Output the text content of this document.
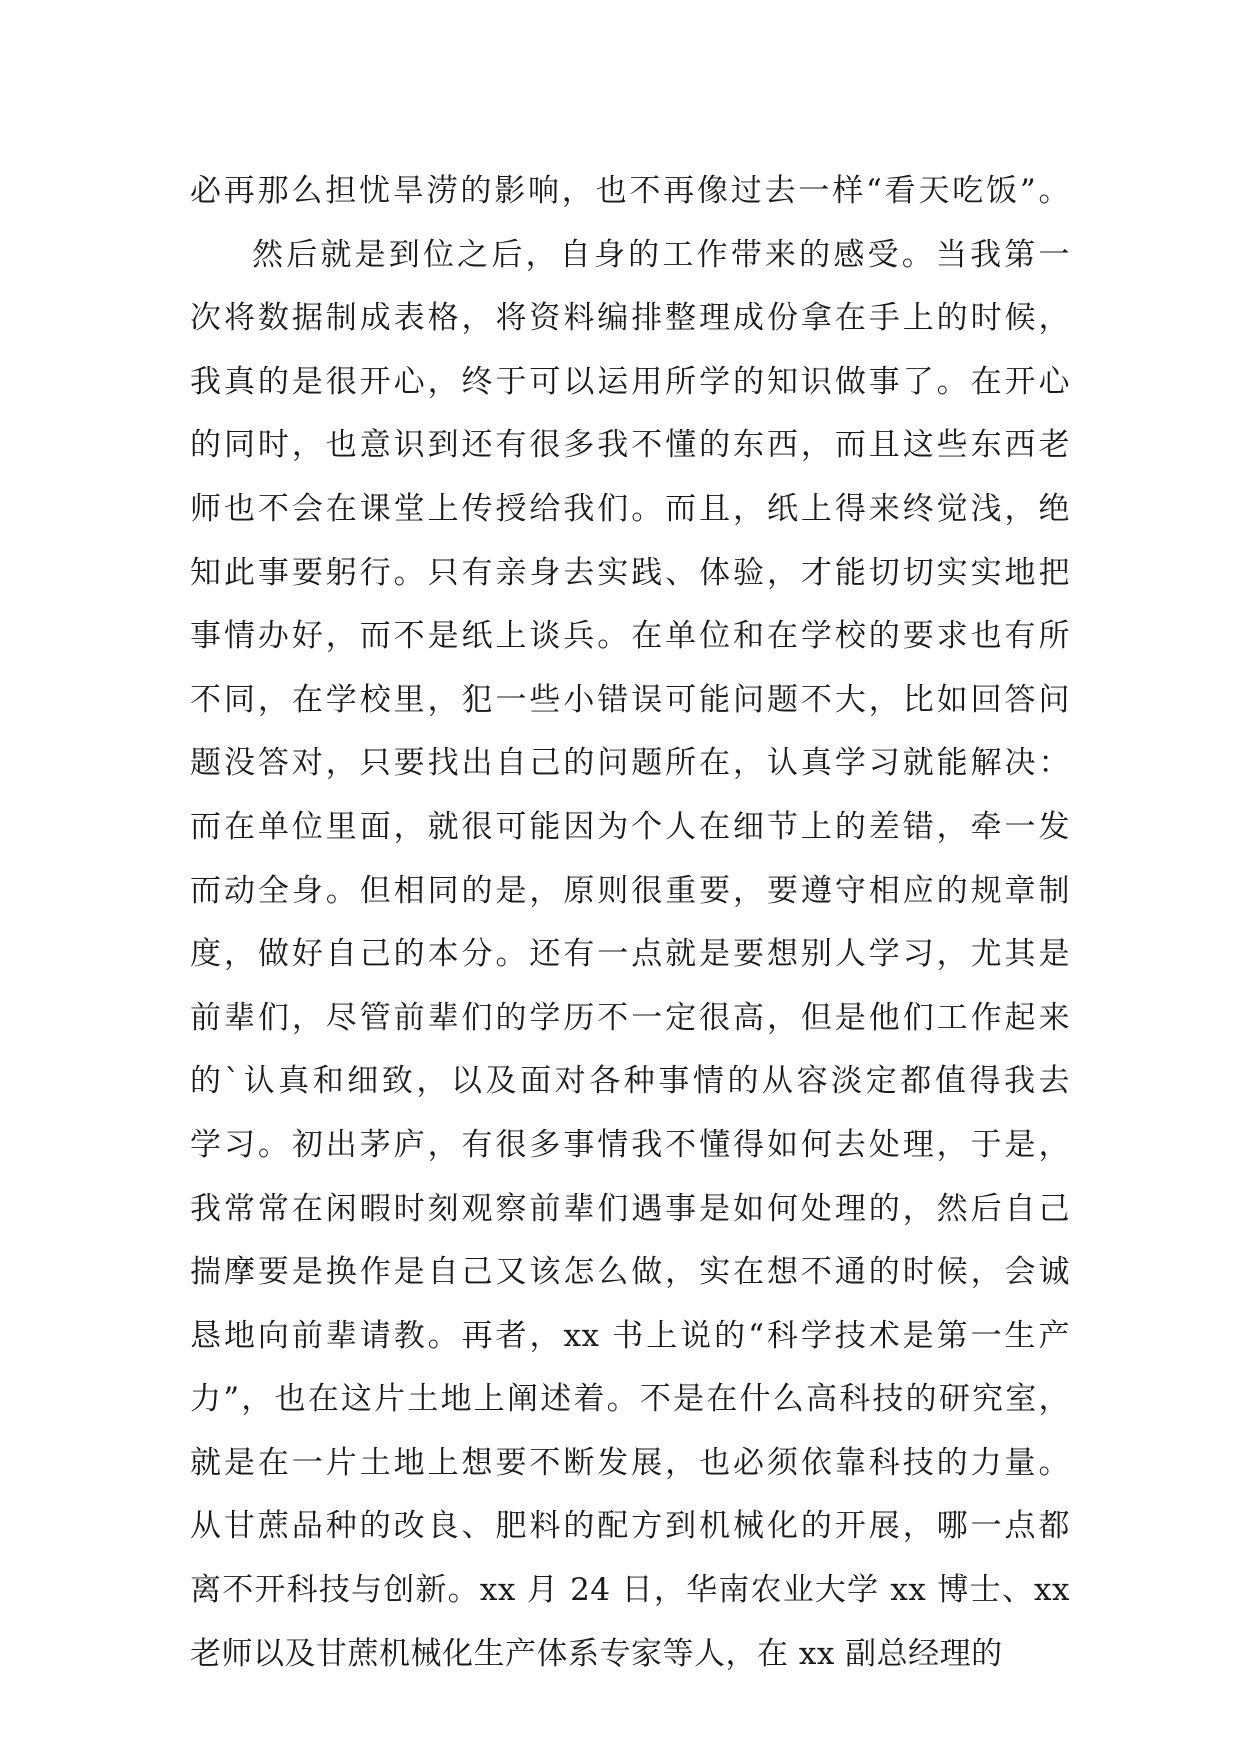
必再那么担忧旱涝的影响，也不再像过去一样“看天吃饭”。
然后就是到位之后，自身的工作带来的感受。当我第一
次将数据制成表格，将资料编排整理成份拿在手上的时候，
我真的是很开心，终于可以运用所学的知识做事了。在开心
的同时，也意识到还有很多我不懂的东西，而且这些东西老
师也不会在课堂上传授给我们。而且，纸上得来终觉浅，绝
知此事要躬行。只有亲身去实践、体验，才能切切实实地把
事情办好，而不是纸上谈兵。在单位和在学校的要求也有所
不同，在学校里，犯一些小错误可能问题不大，比如回答问
题没答对，只要找出自己的问题所在，认真学习就能解决：
而在单位里面，就很可能因为个人在细节上的差错，牵一发
而动全身。但相同的是，原则很重要，要遵守相应的规章制
度，做好自己的本分。还有一点就是要想别人学习，尤其是
前辈们，尽管前辈们的学历不一定很高，但是他们工作起来
的`认真和细致，以及面对各种事情的从容淡定都值得我去
学习。初出茅庐，有很多事情我不懂得如何去处理，于是，
我常常在闲暇时刻观察前辈们遇事是如何处理的，然后自己
揣摩要是换作是自己又该怎么做，实在想不通的时候，会诚
恳地向前辈请教。再者，xx 书上说的“科学技术是第一生产
力”，也在这片土地上阐述着。不是在什么高科技的研究室，
就是在一片土地上想要不断发展，也必须依靠科技的力量。
从甘蔗品种的改良、肥料的配方到机械化的开展，哪一点都
离不开科技与创新。xx 月 24 日，华南农业大学 xx 博士、xx
老师以及甘蔗机械化生产体系专家等人，在 xx 副总经理的
